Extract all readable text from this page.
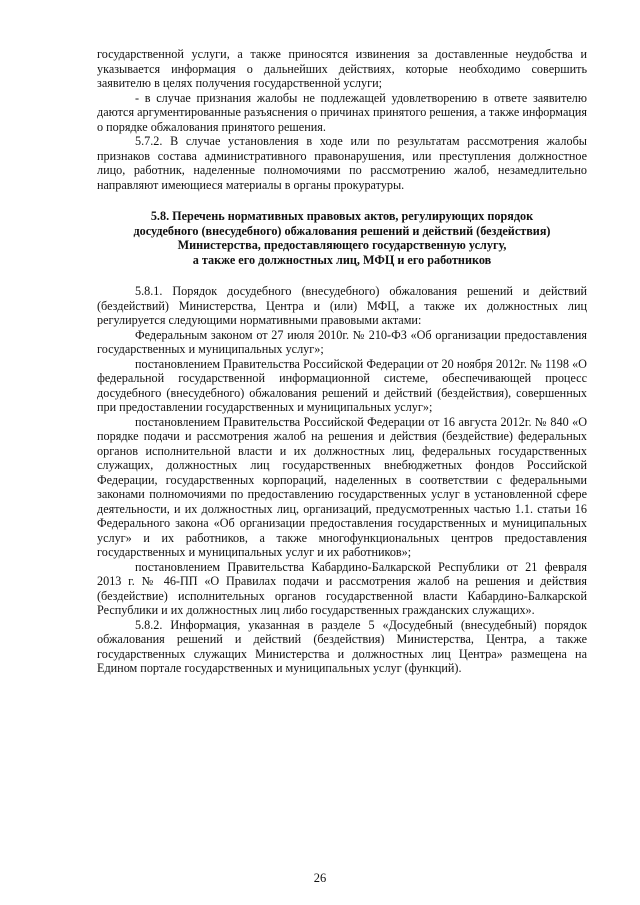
государственной услуги, а также приносятся извинения за доставленные неудобства и указывается информация о дальнейших действиях, которые необходимо совершить заявителю в целях получения государственной услуги;

- в случае признания жалобы не подлежащей удовлетворению в ответе заявителю даются аргументированные разъяснения о причинах принятого решения, а также информация о порядке обжалования принятого решения.

5.7.2. В случае установления в ходе или по результатам рассмотрения жалобы признаков состава административного правонарушения, или преступления должностное лицо, работник, наделенные полномочиями по рассмотрению жалоб, незамедлительно направляют имеющиеся материалы в органы прокуратуры.

5.8. Перечень нормативных правовых актов, регулирующих порядок
досудебного (внесудебного) обжалования решений и действий (бездействия)
Министерства, предоставляющего государственную услугу,
а также его должностных лиц, МФЦ и его работников

5.8.1. Порядок досудебного (внесудебного) обжалования решений и действий (бездействий) Министерства, Центра и (или) МФЦ, а также их должностных лиц регулируется следующими нормативными правовыми актами:

Федеральным законом от 27 июля 2010г. № 210-ФЗ «Об организации предоставления государственных и муниципальных услуг»;

постановлением Правительства Российской Федерации от 20 ноября 2012г. № 1198 «О федеральной государственной информационной системе, обеспечивающей процесс досудебного (внесудебного) обжалования решений и действий (бездействия), совершенных при предоставлении государственных и муниципальных услуг»;

постановлением Правительства Российской Федерации от 16 августа 2012г. № 840 «О порядке подачи и рассмотрения жалоб на решения и действия (бездействие) федеральных органов исполнительной власти и их должностных лиц, федеральных государственных служащих, должностных лиц государственных внебюджетных фондов Российской Федерации, государственных корпораций, наделенных в соответствии с федеральными законами полномочиями по предоставлению государственных услуг в установленной сфере деятельности, и их должностных лиц, организаций, предусмотренных частью 1.1. статьи 16 Федерального закона «Об организации предоставления государственных и муниципальных услуг» и их работников, а также многофункциональных центров предоставления государственных и муниципальных услуг и их работников»;

постановлением Правительства Кабардино-Балкарской Республики от 21 февраля 2013 г. № 46-ПП «О Правилах подачи и рассмотрения жалоб на решения и действия (бездействие) исполнительных органов государственной власти Кабардино-Балкарской Республики и их должностных лиц либо государственных гражданских служащих».

5.8.2. Информация, указанная в разделе 5 «Досудебный (внесудебный) порядок обжалования решений и действий (бездействия) Министерства, Центра, а также государственных служащих Министерства и должностных лиц Центра» размещена на Едином портале государственных и муниципальных услуг (функций).

26
